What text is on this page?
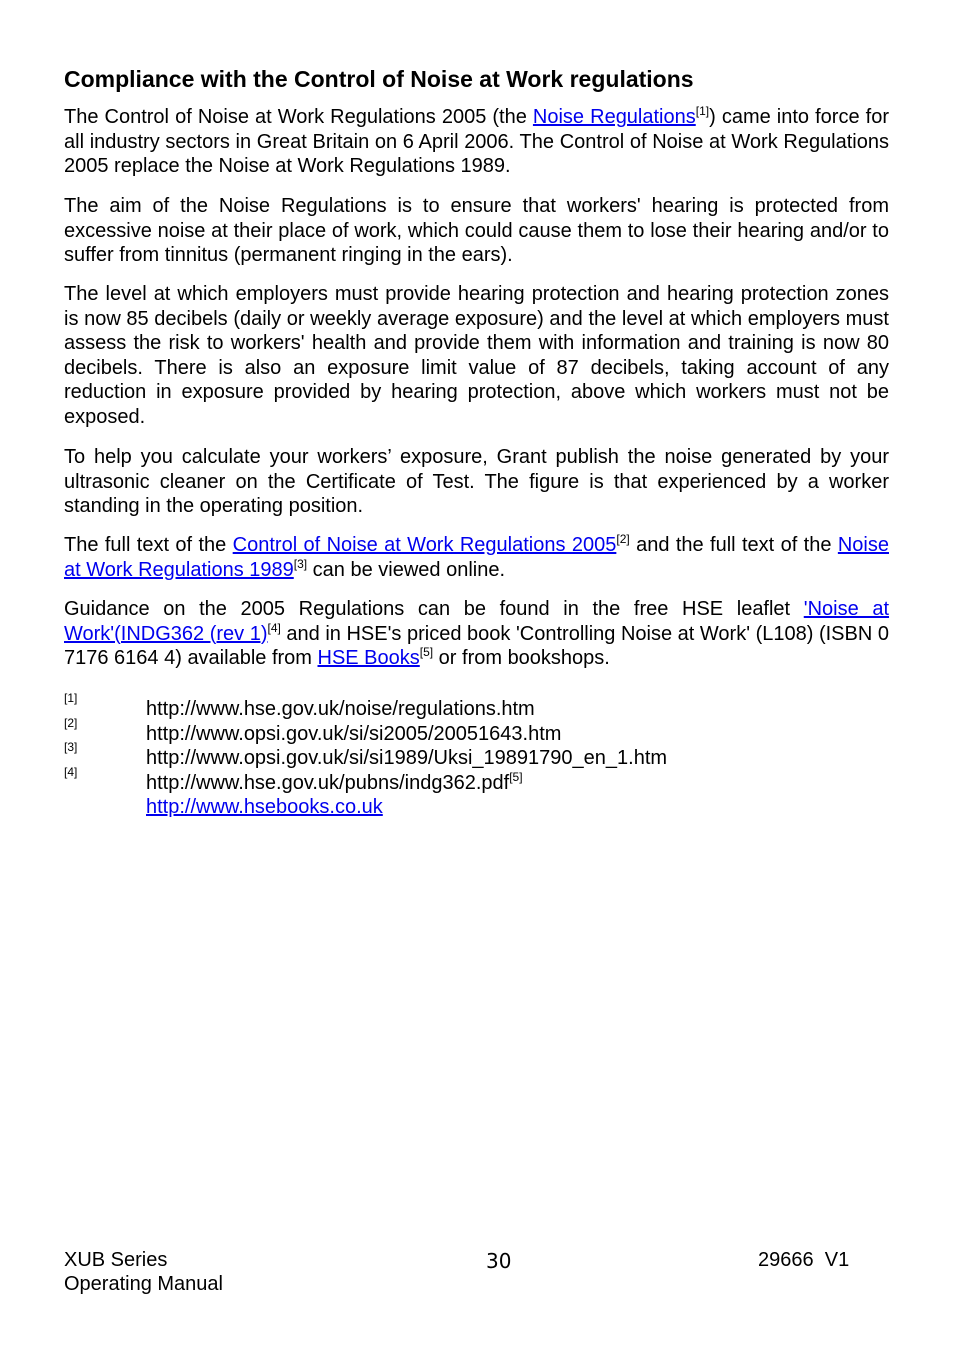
Compliance with the Control of Noise at Work regulations

The Control of Noise at Work Regulations 2005 (the Noise Regulations[1]) came into force for all industry sectors in Great Britain on 6 April 2006. The Control of Noise at Work Regulations 2005 replace the Noise at Work Regulations 1989.

The aim of the Noise Regulations is to ensure that workers' hearing is protected from excessive noise at their place of work, which could cause them to lose their hearing and/or to suffer from tinnitus (permanent ringing in the ears).

The level at which employers must provide hearing protection and hearing protection zones is now 85 decibels (daily or weekly average exposure) and the level at which employers must assess the risk to workers' health and provide them with information and training is now 80 decibels. There is also an exposure limit value of 87 decibels, taking account of any reduction in exposure provided by hearing protection, above which workers must not be exposed.

To help you calculate your workers’ exposure, Grant publish the noise generated by your ultrasonic cleaner on the Certificate of Test. The figure is that experienced by a worker standing in the operating position.

The full text of the Control of Noise at Work Regulations 2005[2] and the full text of the Noise at Work Regulations 1989[3] can be viewed online.

Guidance on the 2005 Regulations can be found in the free HSE leaflet 'Noise at Work'(INDG362 (rev 1)[4] and in HSE's priced book 'Controlling Noise at Work' (L108) (ISBN 0 7176 6164 4) available from HSE Books[5] or from bookshops.

[1]	http://www.hse.gov.uk/noise/regulations.htm
[2]	http://www.opsi.gov.uk/si/si2005/20051643.htm
[3]	http://www.opsi.gov.uk/si/si1989/Uksi_19891790_en_1.htm
[4]	http://www.hse.gov.uk/pubns/indg362.pdf[5]
http://www.hsebooks.co.uk
XUB Series
Operating Manual
30	29666  V1
